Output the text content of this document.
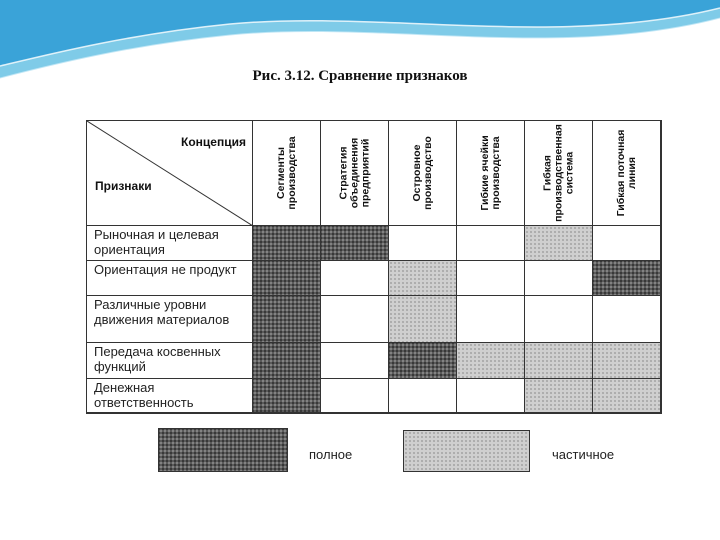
Рис. 3.12. Сравнение признаков
Концепция
Признаки	Сегменты производства	Стратегия объединения предприятий	Островное производство	Гибкие ячейки производства	Гибкая производственная система	Гибкая поточная линия
Рыночная и целевая ориентация
Ориентация не продукт
Различные уровни движения материалов
Передача косвенных функций
Денежная ответственность
полное	частичное
